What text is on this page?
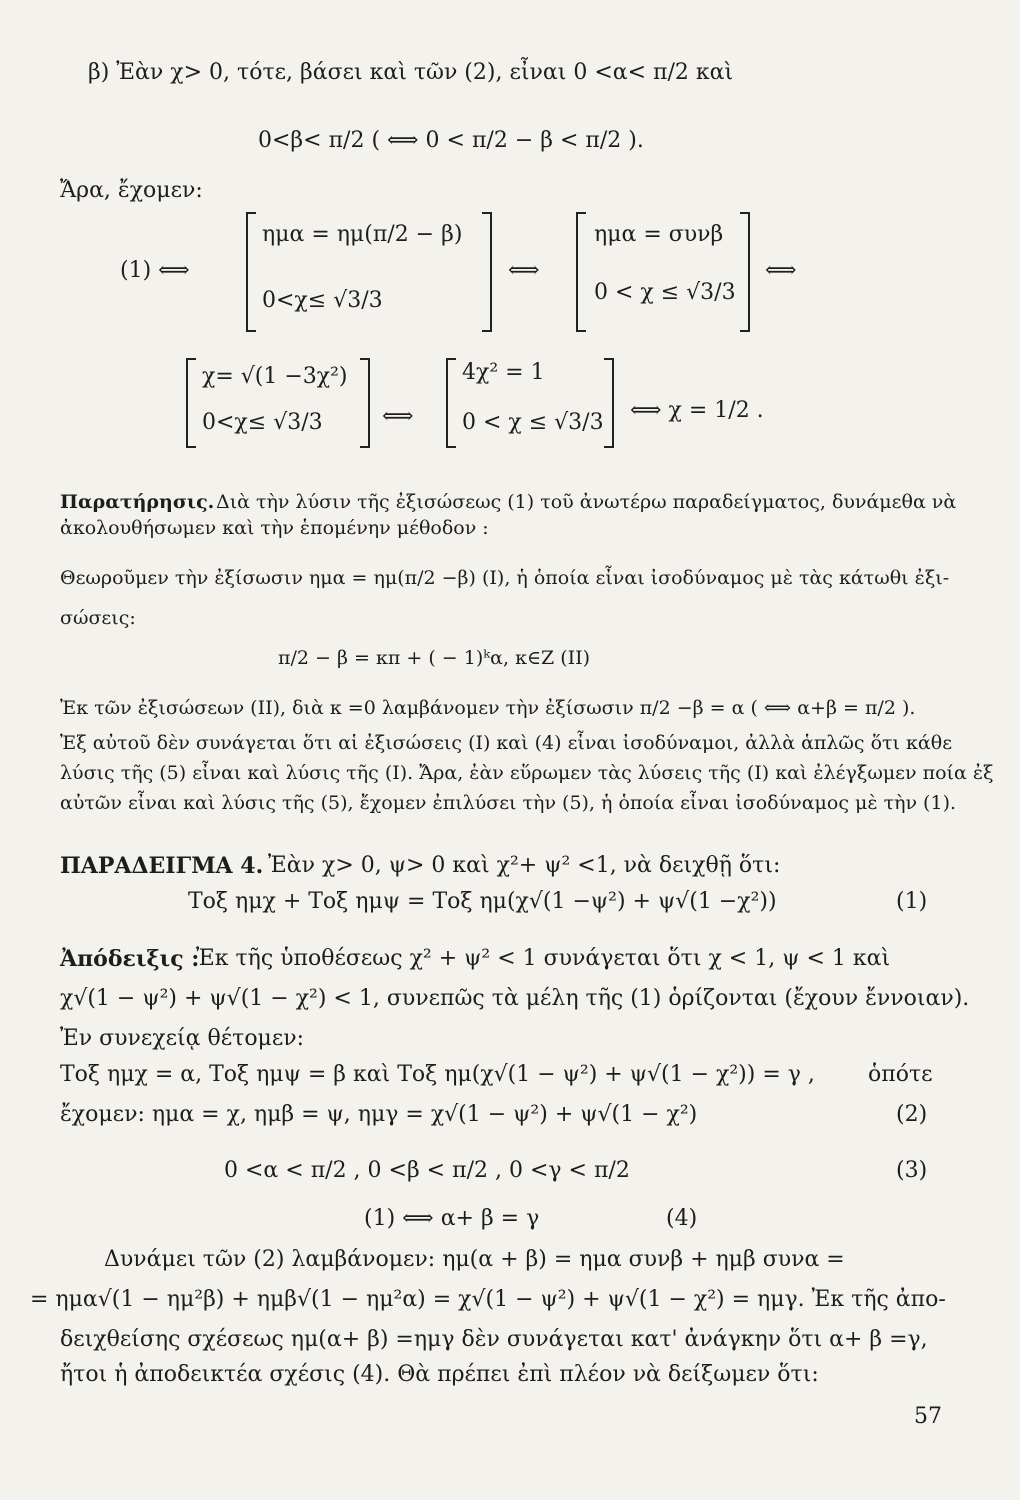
β) Ἐὰν χ> 0, τότε, βάσει καὶ τῶν (2), εἶναι 0 <α< π/2 καὶ
0<β< π/2 ( ⟺ 0 < π/2 − β < π/2 ).
Ἄρα, ἔχομεν:
(1) ⟺
ημα = ημ(π/2 − β)
0<χ≤ √3/3
⟺
ημα = συνβ
0 < χ ≤ √3/3
⟺
χ= √(1 −3χ²)
0<χ≤ √3/3	⟺
4χ² = 1
0 < χ ≤ √3/3 ⟺ χ = 1/2 .
Παρατήρησις. Διὰ τὴν λύσιν τῆς ἐξισώσεως (1) τοῦ ἀνωτέρω παραδείγματος, δυνάμεθα νὰ
ἀκολουθήσωμεν καὶ τὴν ἑπομένην μέθοδον :
Θεωροῦμεν τὴν ἐξίσωσιν ημα = ημ(π/2 −β) (I), ἡ ὁποία εἶναι ἰσοδύναμος μὲ τὰς κάτωθι ἐξι-
σώσεις:
π/2 − β = κπ + ( − 1)ᵏα, κ∈Z (II)
Ἐκ τῶν ἐξισώσεων (II), διὰ κ =0 λαμβάνομεν τὴν ἐξίσωσιν π/2 −β = α ( ⟺ α+β = π/2 ).
Ἐξ αὐτοῦ δὲν συνάγεται ὅτι αἱ ἐξισώσεις (I) καὶ (4) εἶναι ἰσοδύναμοι, ἀλλὰ ἁπλῶς ὅτι κάθε
λύσις τῆς (5) εἶναι καὶ λύσις τῆς (I). Ἄρα, ἐὰν εὕρωμεν τὰς λύσεις τῆς (I) καὶ ἐλέγξωμεν ποία ἐξ
αὐτῶν εἶναι καὶ λύσις τῆς (5), ἔχομεν ἐπιλύσει τὴν (5), ἡ ὁποία εἶναι ἰσοδύναμος μὲ τὴν (1).
ΠΑΡΑΔΕΙΓΜΑ 4. Ἐὰν χ> 0, ψ> 0 καὶ χ²+ ψ² <1, νὰ δειχθῇ ὅτι:
Τοξ ημχ + Τοξ ημψ = Τοξ ημ(χ√(1 −ψ²) + ψ√(1 −χ²))	(1)
Ἀπόδειξις :
Ἐκ τῆς ὑποθέσεως χ² + ψ² < 1 συνάγεται ὅτι χ < 1, ψ < 1 καὶ
χ√(1 − ψ²) + ψ√(1 − χ²) < 1, συνεπῶς τὰ μέλη τῆς (1) ὁρίζονται (ἔχουν ἔννοιαν).
Ἐν συνεχείᾳ θέτομεν:
Τοξ ημχ = α, Τοξ ημψ = β καὶ Τοξ ημ(χ√(1 − ψ²) + ψ√(1 − χ²)) = γ , ὁπότε
ἔχομεν: ημα = χ, ημβ = ψ, ημγ = χ√(1 − ψ²) + ψ√(1 − χ²)	(2)
0 <α < π/2 , 0 <β < π/2 , 0 <γ < π/2	(3)
(1) ⟺ α+ β = γ	(4)
Δυνάμει τῶν (2) λαμβάνομεν: ημ(α + β) = ημα συνβ + ημβ συνα =
= ημα√(1 − ημ²β) + ημβ√(1 − ημ²α) = χ√(1 − ψ²) + ψ√(1 − χ²) = ημγ. Ἐκ τῆς ἀπο-
δειχθείσης σχέσεως ημ(α+ β) =ημγ δὲν συνάγεται κατ' ἀνάγκην ὅτι α+ β =γ,
ἤτοι ἡ ἀποδεικτέα σχέσις (4). Θὰ πρέπει ἐπὶ πλέον νὰ δείξωμεν ὅτι:
57
